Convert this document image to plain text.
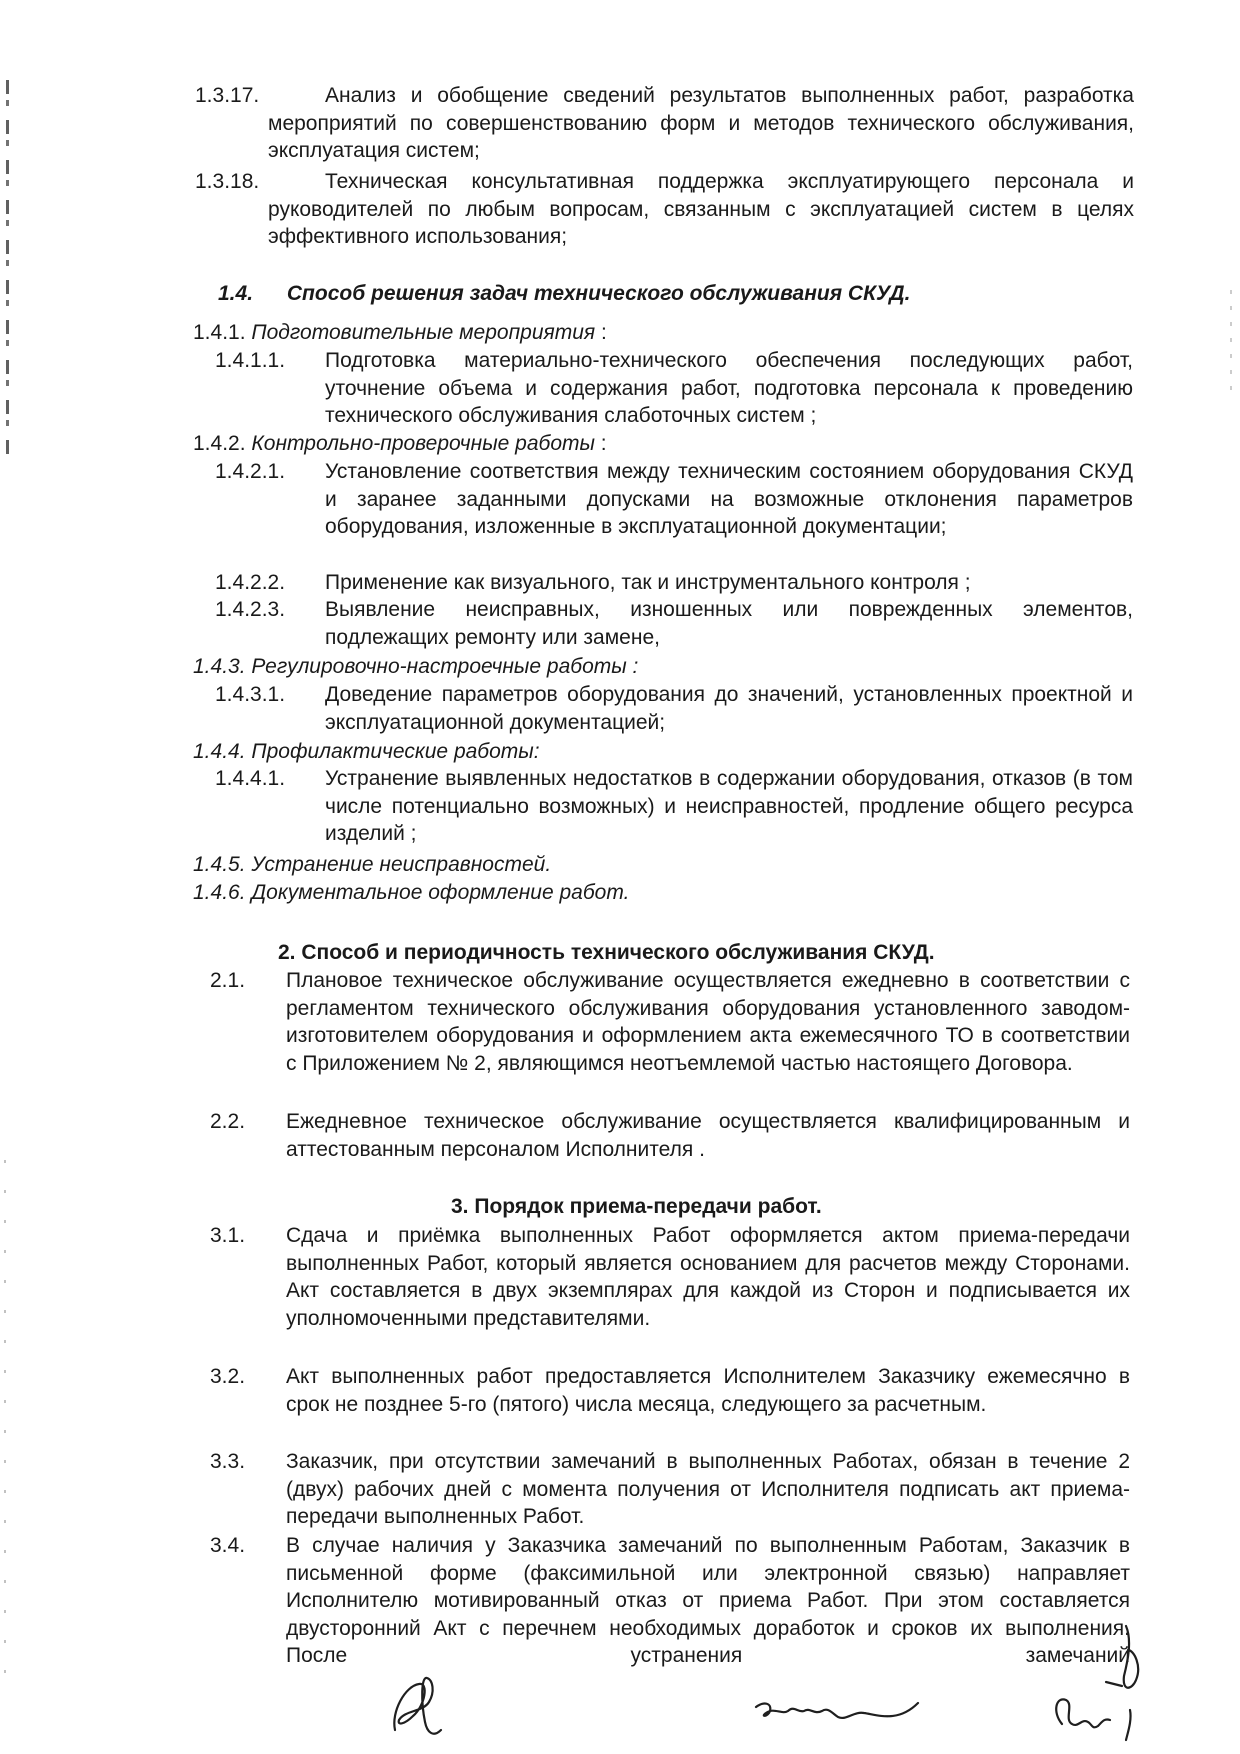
1.3.17.	Анализ и обобщение сведений результатов выполненных работ, разработка мероприятий по совершенствованию форм и методов технического обслуживания, эксплуатация систем;
1.3.18.	Техническая консультативная поддержка эксплуатирующего персонала и руководителей по любым вопросам, связанным с эксплуатацией систем в целях эффективного использования;
1.4. Способ решения задач технического обслуживания СКУД.
1.4.1. Подготовительные мероприятия :
1.4.1.1. Подготовка материально-технического обеспечения последующих работ, уточнение объема и содержания работ, подготовка персонала к проведению технического обслуживания слаботочных систем ;
1.4.2. Контрольно-проверочные работы :
1.4.2.1. Установление соответствия между техническим состоянием оборудования СКУД и заранее заданными допусками на возможные отклонения параметров оборудования, изложенные в эксплуатационной документации;
1.4.2.2. Применение как визуального, так и инструментального контроля ;
1.4.2.3. Выявление неисправных, изношенных или поврежденных элементов, подлежащих ремонту или замене,
1.4.3. Регулировочно-настроечные работы :
1.4.3.1. Доведение параметров оборудования до значений, установленных проектной и эксплуатационной документацией;
1.4.4. Профилактические работы:
1.4.4.1. Устранение выявленных недостатков в содержании оборудования, отказов (в том числе потенциально возможных) и неисправностей, продление общего ресурса изделий ;
1.4.5. Устранение неисправностей.
1.4.6. Документальное оформление работ.
2. Способ и периодичность технического обслуживания СКУД.
2.1. Плановое техническое обслуживание осуществляется ежедневно в соответствии с регламентом технического обслуживания оборудования установленного заводом-изготовителем оборудования и оформлением акта ежемесячного ТО в соответствии с Приложением № 2, являющимся неотъемлемой частью настоящего Договора.
2.2. Ежедневное техническое обслуживание осуществляется квалифицированным и аттестованным персоналом Исполнителя .
3. Порядок приема-передачи работ.
3.1. Сдача и приёмка выполненных Работ оформляется актом приема-передачи выполненных Работ, который является основанием для расчетов между Сторонами. Акт составляется в двух экземплярах для каждой из Сторон и подписывается их уполномоченными представителями.
3.2. Акт выполненных работ предоставляется Исполнителем Заказчику ежемесячно в срок не позднее 5-го (пятого) числа месяца, следующего за расчетным.
3.3. Заказчик, при отсутствии замечаний в выполненных Работах, обязан в течение 2 (двух) рабочих дней с момента получения от Исполнителя подписать акт приема-передачи выполненных Работ.
3.4. В случае наличия у Заказчика замечаний по выполненным Работам, Заказчик в письменной форме (факсимильной или электронной связью) направляет Исполнителю мотивированный отказ от приема Работ. При этом составляется двусторонний Акт с перечнем необходимых доработок и сроков их выполнения. После устранения замечаний
